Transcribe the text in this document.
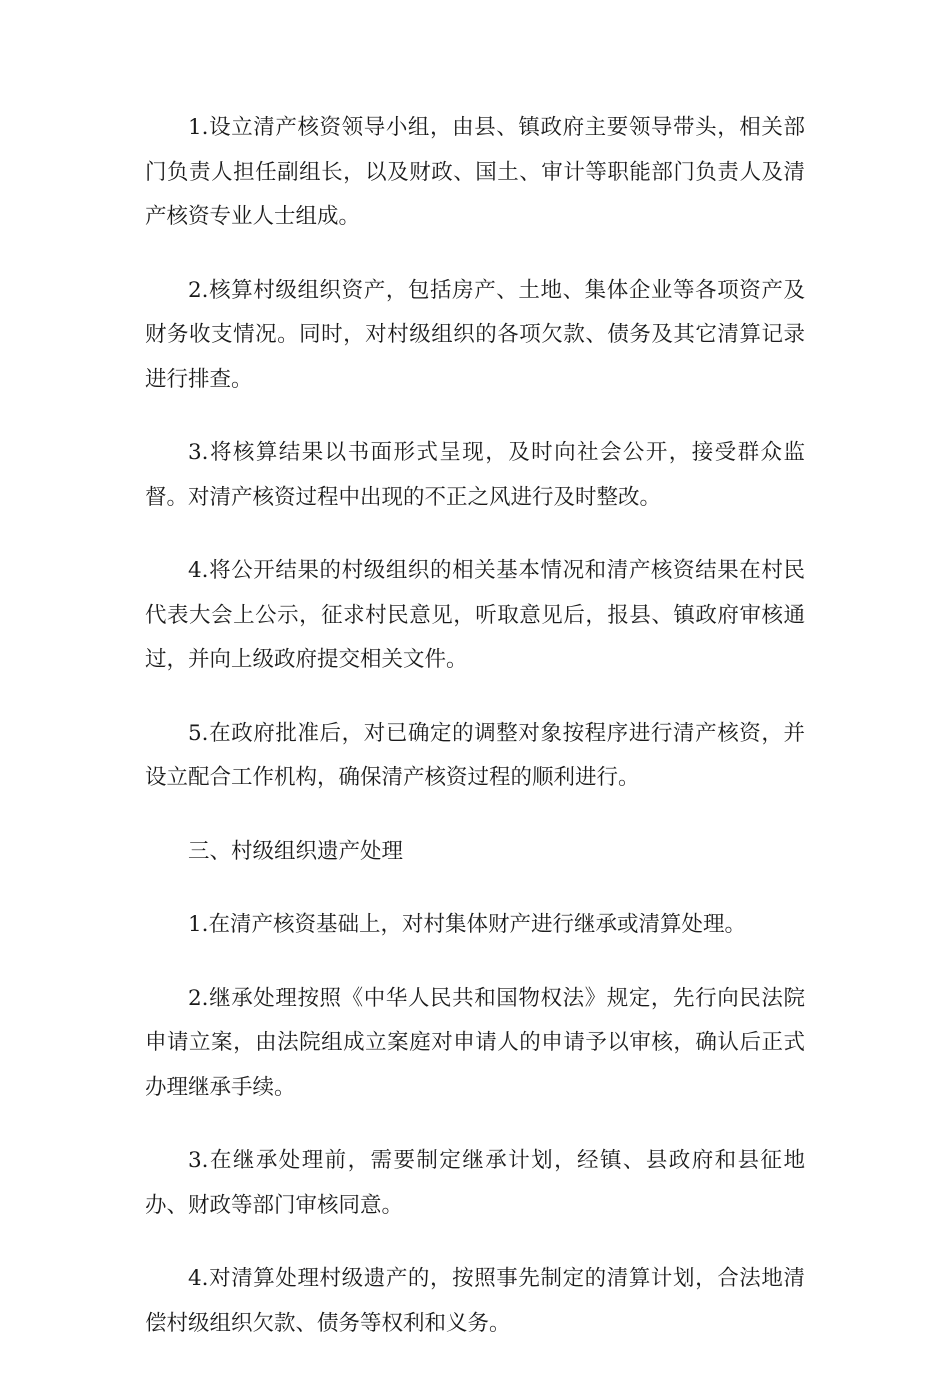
1.设立清产核资领导小组，由县、镇政府主要领导带头，相关部门负责人担任副组长，以及财政、国土、审计等职能部门负责人及清产核资专业人士组成。

2.核算村级组织资产，包括房产、土地、集体企业等各项资产及财务收支情况。同时，对村级组织的各项欠款、债务及其它清算记录进行排查。

3.将核算结果以书面形式呈现，及时向社会公开，接受群众监督。对清产核资过程中出现的不正之风进行及时整改。

4.将公开结果的村级组织的相关基本情况和清产核资结果在村民代表大会上公示，征求村民意见，听取意见后，报县、镇政府审核通过，并向上级政府提交相关文件。

5.在政府批准后，对已确定的调整对象按程序进行清产核资，并设立配合工作机构，确保清产核资过程的顺利进行。

三、村级组织遗产处理

1.在清产核资基础上，对村集体财产进行继承或清算处理。

2.继承处理按照《中华人民共和国物权法》规定，先行向民法院申请立案，由法院组成立案庭对申请人的申请予以审核，确认后正式办理继承手续。

3.在继承处理前，需要制定继承计划，经镇、县政府和县征地办、财政等部门审核同意。

4.对清算处理村级遗产的，按照事先制定的清算计划，合法地清偿村级组织欠款、债务等权利和义务。
